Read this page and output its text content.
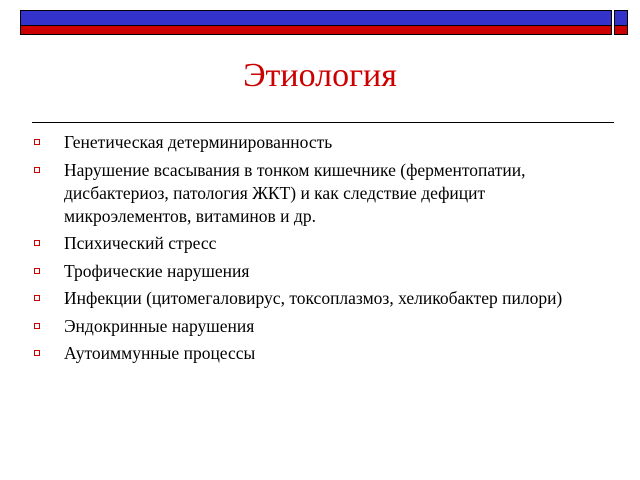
Этиология
Генетическая детерминированность
Нарушение всасывания в тонком кишечнике (ферментопатии, дисбактериоз, патология ЖКТ) и как следствие дефицит микроэлементов, витаминов и др.
Психический стресс
Трофические нарушения
Инфекции (цитомегаловирус, токсоплазмоз, хеликобактер пилори)
Эндокринные нарушения
Аутоиммунные процессы
